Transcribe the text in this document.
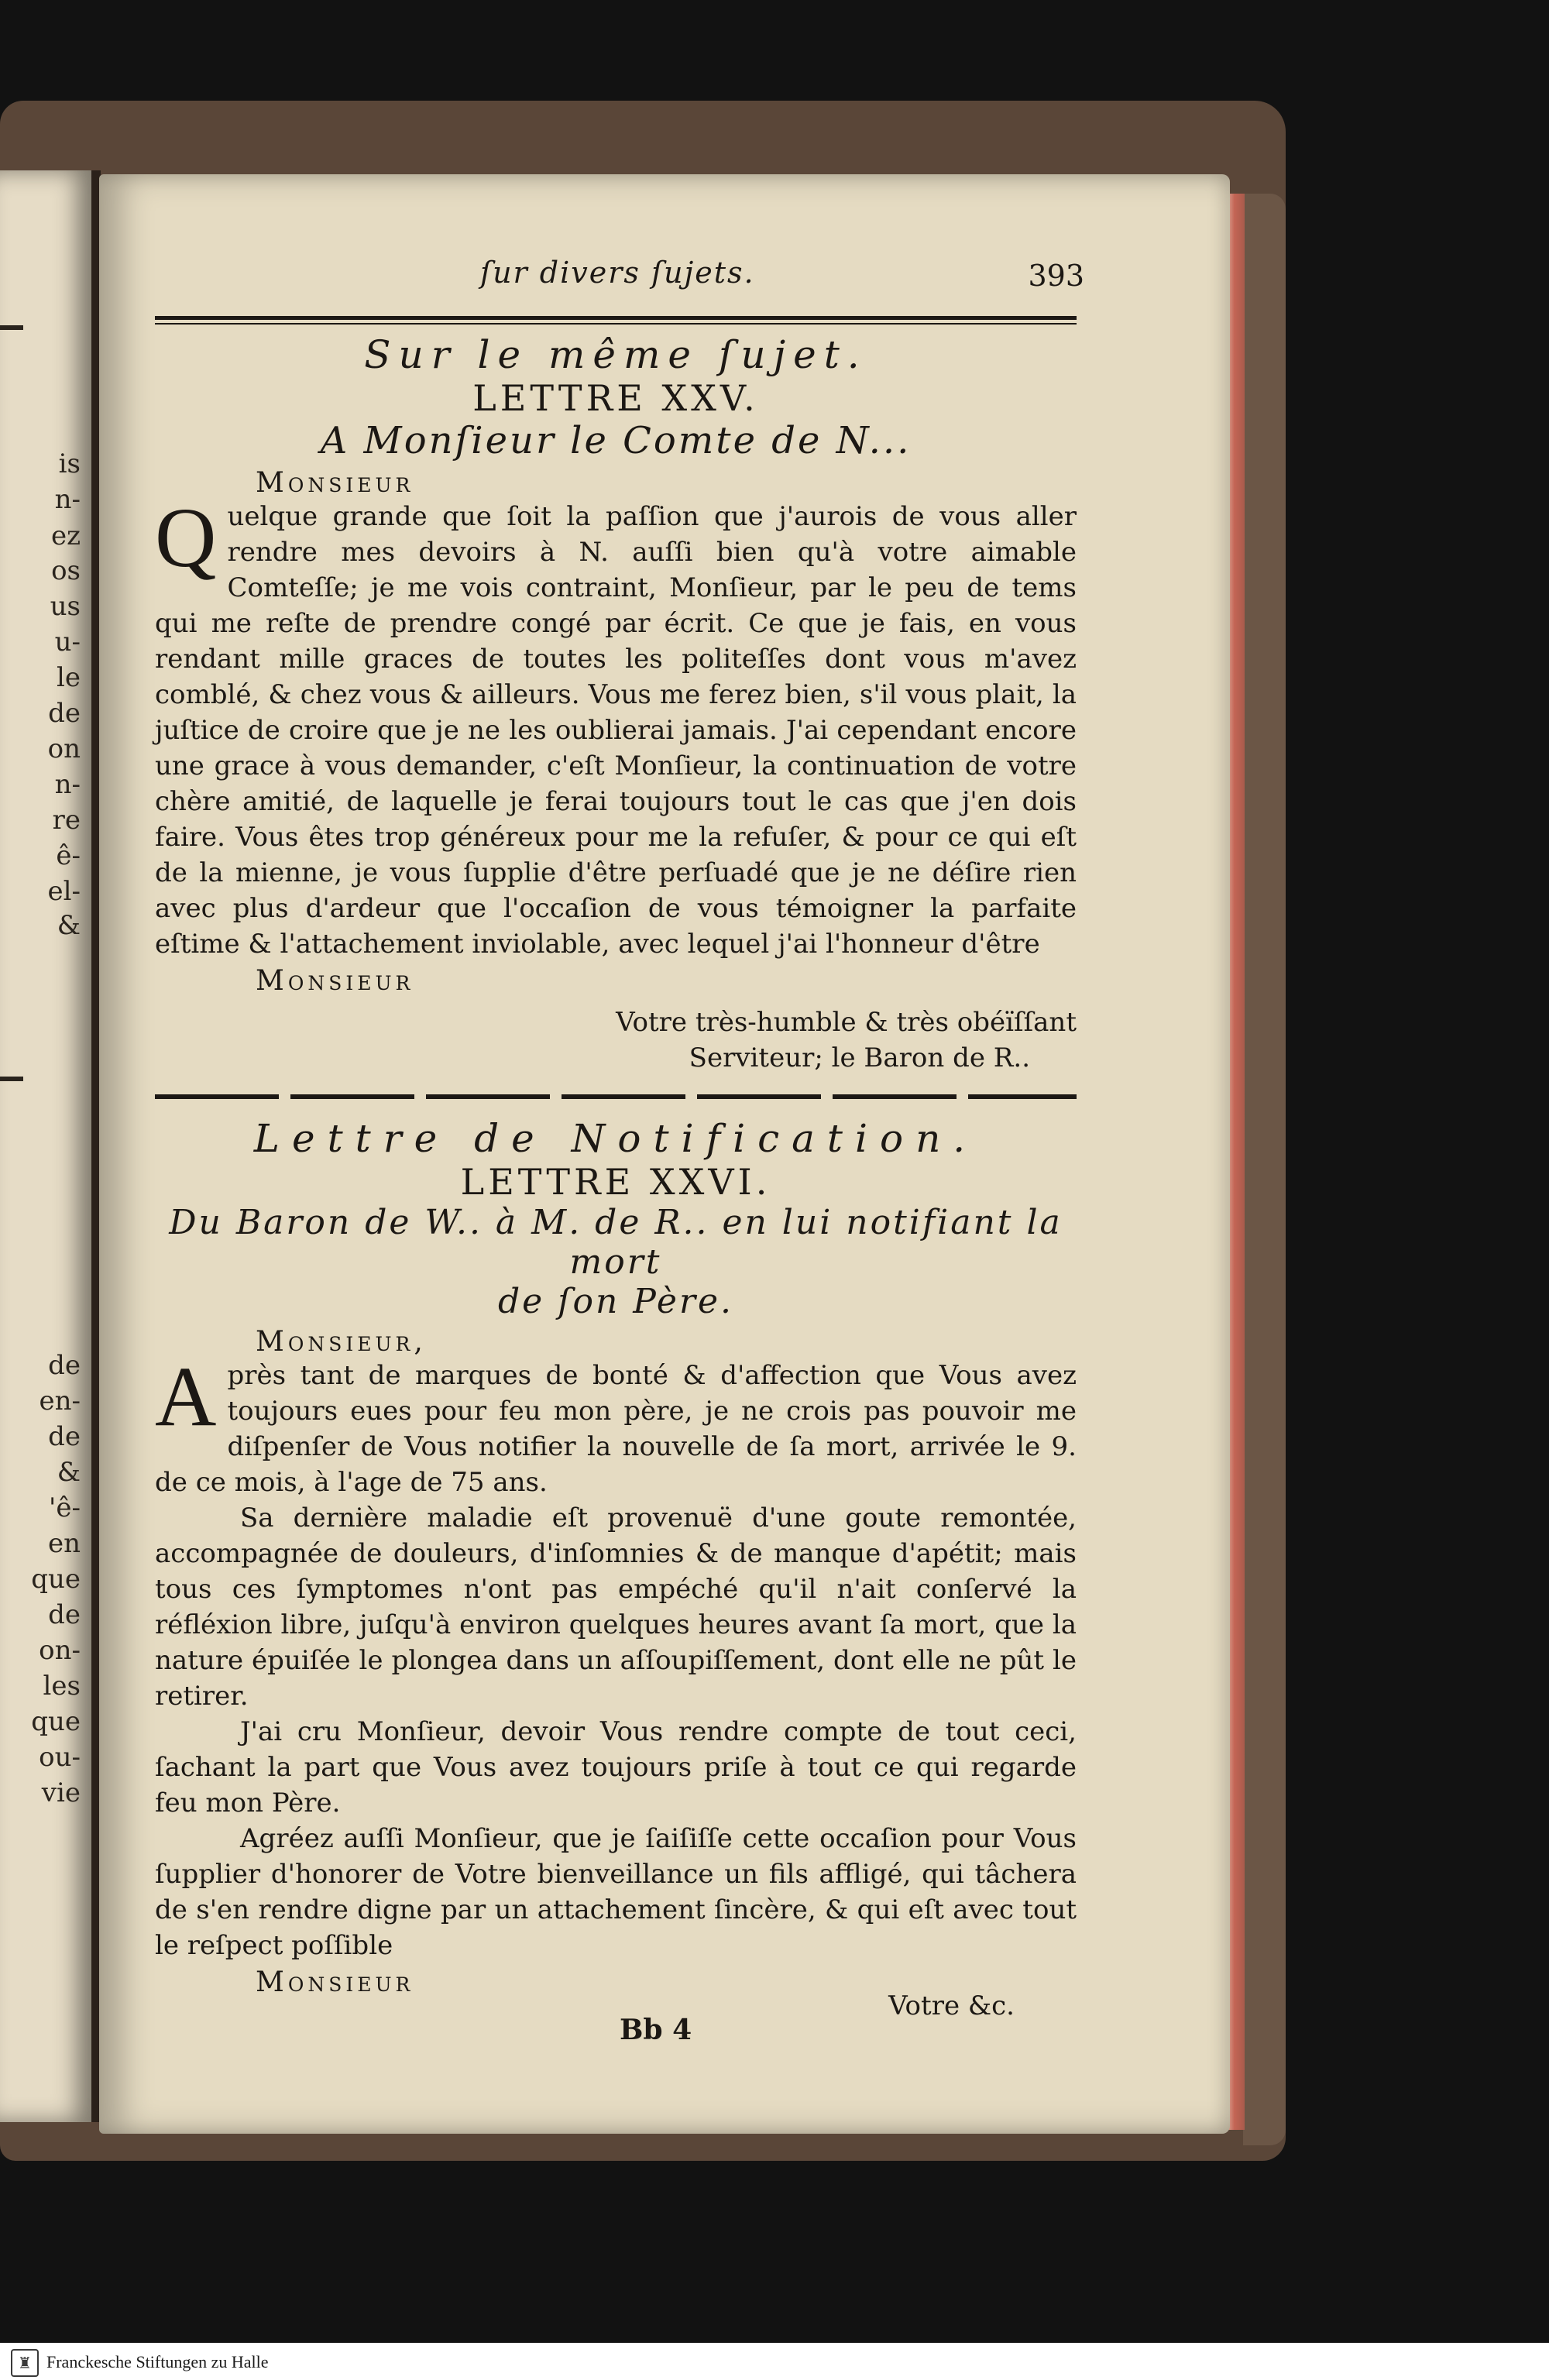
is
n-
ez
os
us
u-
le
de
on
n-
re
ê-
el-
&
de
en-
de
&
'ê-
en
que
de
on-
les
que
ou-
vie
ſur divers ſujets.	393
Sur le même ſujet.
LETTRE XXV.
A Monſieur le Comte de N...
Monsieur

Quelque grande que ſoit la paſſion que j'aurois de vous aller rendre mes devoirs à N. auſſi bien qu'à votre aimable Comteſſe; je me vois contraint, Monſieur, par le peu de tems qui me reſte de prendre congé par écrit. Ce que je fais, en vous rendant mille graces de toutes les politeſſes dont vous m'avez comblé, & chez vous & ailleurs. Vous me ferez bien, s'il vous plait, la juſtice de croire que je ne les oublierai jamais. J'ai cependant encore une grace à vous demander, c'eſt Monſieur, la continuation de votre chère amitié, de laquelle je ferai toujours tout le cas que j'en dois faire. Vous êtes trop généreux pour me la refuſer, & pour ce qui eſt de la mienne, je vous ſupplie d'être perſuadé que je ne déſire rien avec plus d'ardeur que l'occaſion de vous témoigner la parfaite eſtime & l'attachement inviolable, avec lequel j'ai l'honneur d'être

Monsieur
Votre très-humble & très obéïſſant
Serviteur; le Baron de R..
Lettre de Notification.
LETTRE XXVI.
Du Baron de W.. à M. de R.. en lui notifiant la mort
de ſon Père.
Monsieur,

Après tant de marques de bonté & d'affection que Vous avez toujours eues pour feu mon père, je ne crois pas pouvoir me diſpenſer de Vous notifier la nouvelle de ſa mort, arrivée le 9. de ce mois, à l'age de 75 ans.

Sa dernière maladie eſt provenuë d'une goute remontée, accompagnée de douleurs, d'inſomnies & de manque d'apétit; mais tous ces ſymptomes n'ont pas empéché qu'il n'ait conſervé la réfléxion libre, juſqu'à environ quelques heures avant ſa mort, que la nature épuiſée le plongea dans un aſſoupiſſement, dont elle ne pût le retirer.

J'ai cru Monſieur, devoir Vous rendre compte de tout ceci, ſachant la part que Vous avez toujours priſe à tout ce qui regarde feu mon Père.

Agréez auſſi Monſieur, que je ſaiſiſſe cette occaſion pour Vous ſupplier d'honorer de Votre bienveillance un fils affligé, qui tâchera de s'en rendre digne par un attachement ſincère, & qui eſt avec tout le reſpect poſſible

Monsieur
Votre &c.
Bb 4
♜ Franckesche Stiftungen zu Halle
